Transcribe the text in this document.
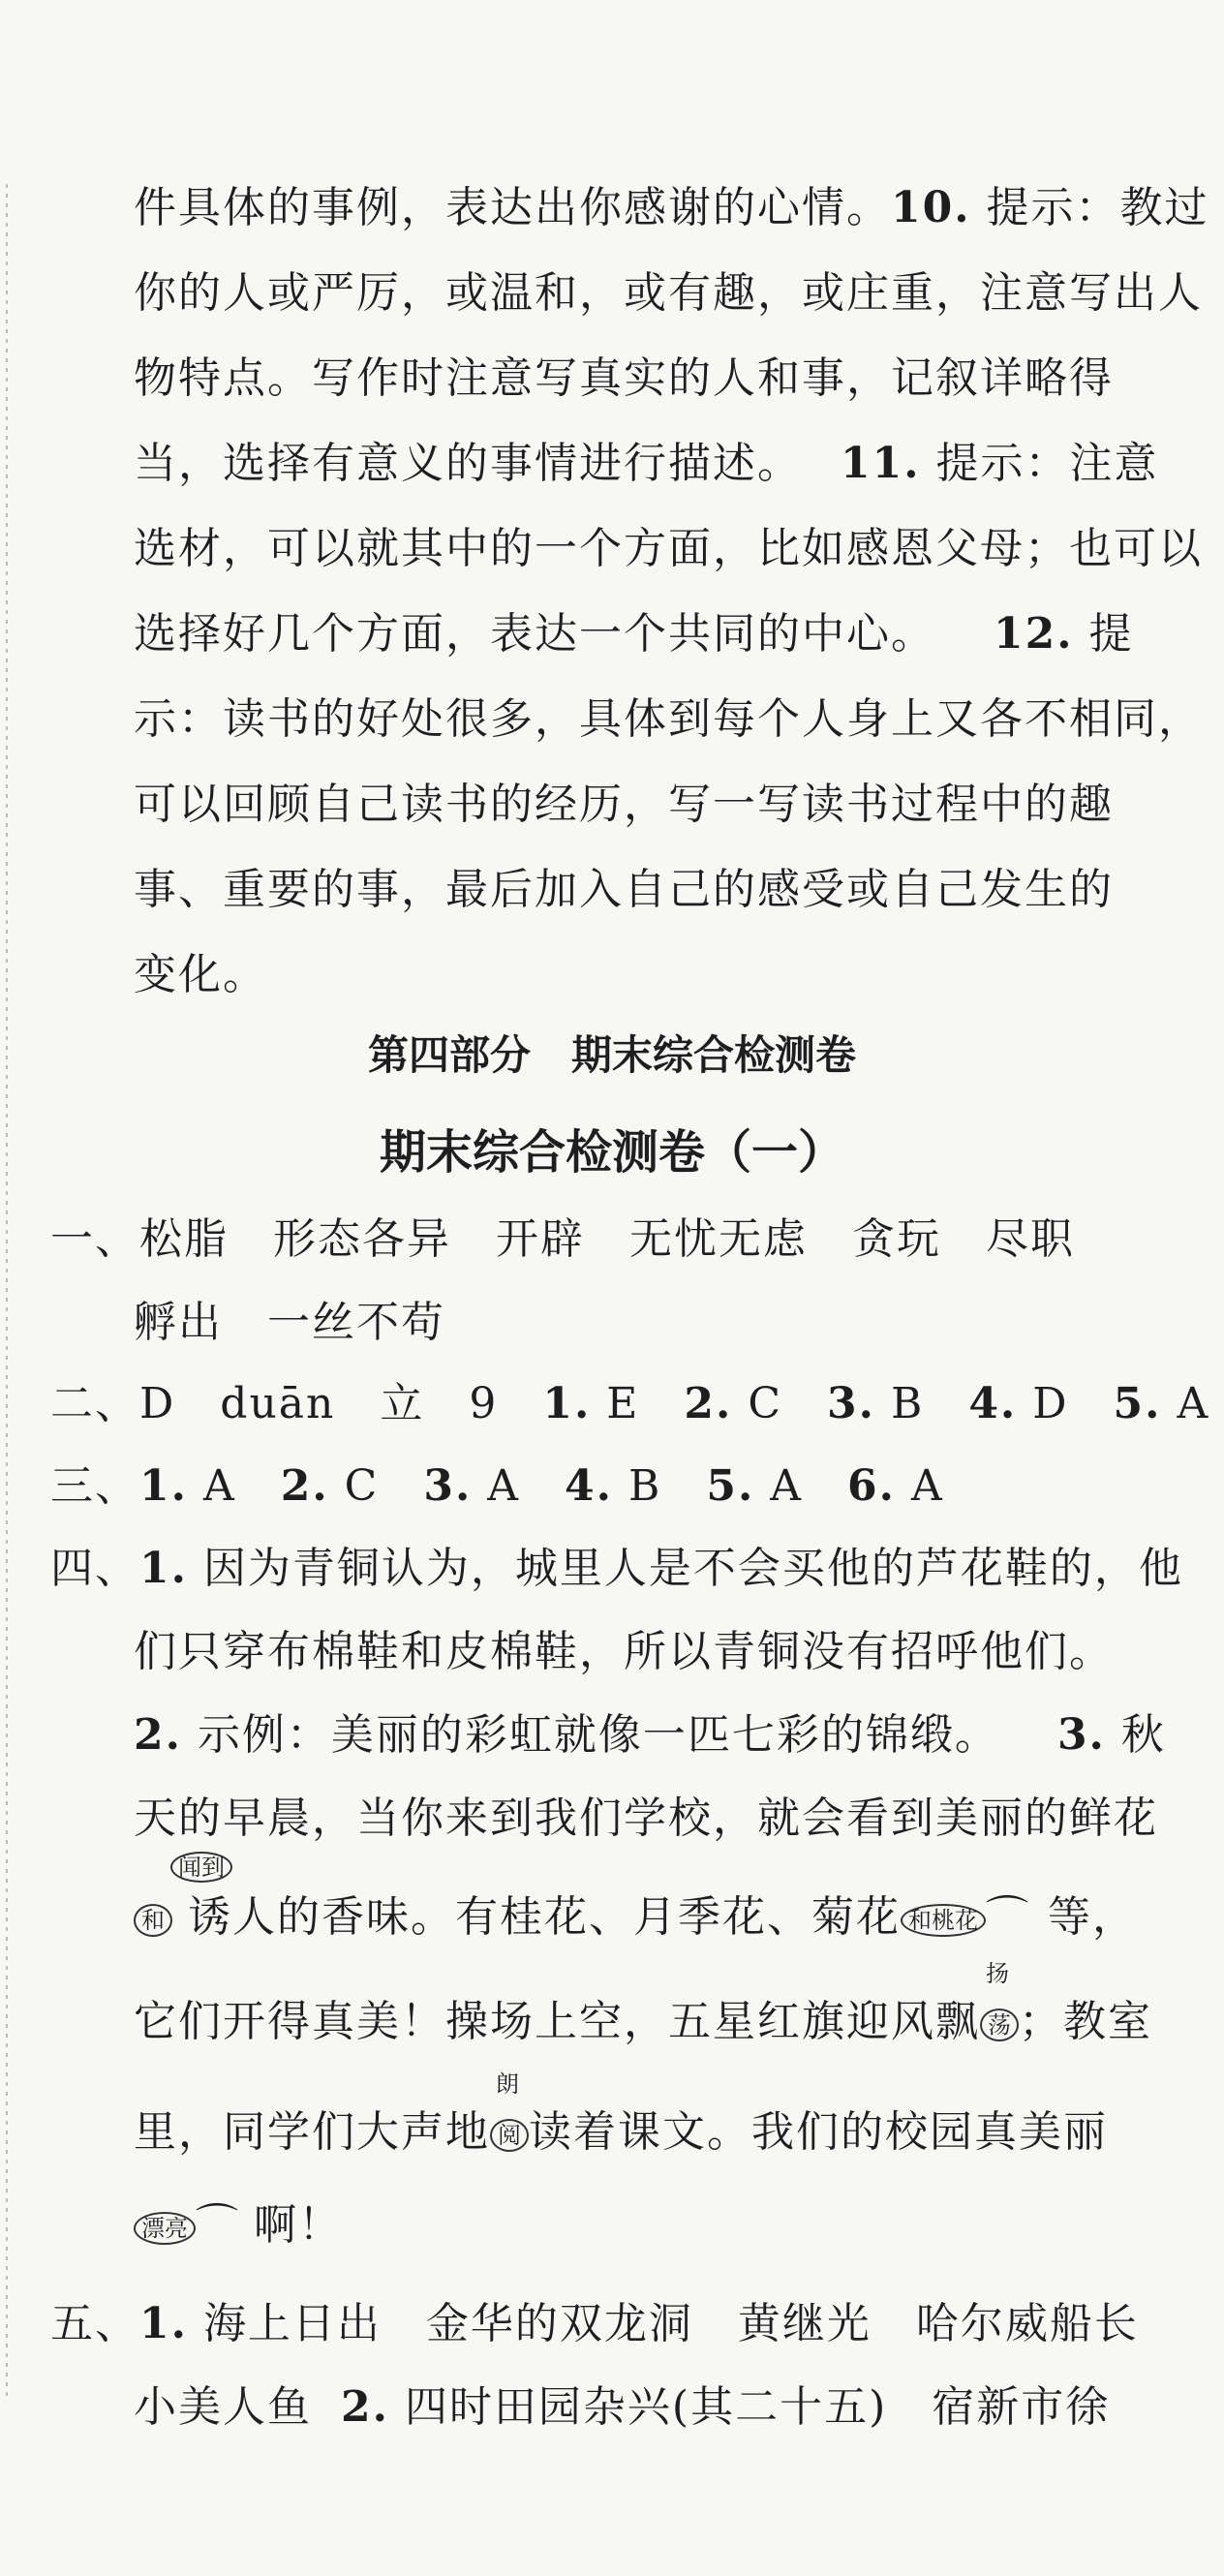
件具体的事例，表达出你感谢的心情。10. 提示：教过
你的人或严厉，或温和，或有趣，或庄重，注意写出人
物特点。写作时注意写真实的人和事，记叙详略得
当，选择有意义的事情进行描述。 11. 提示：注意
选材，可以就其中的一个方面，比如感恩父母；也可以
选择好几个方面，表达一个共同的中心。 12. 提
示：读书的好处很多，具体到每个人身上又各不相同，
可以回顾自己读书的经历，写一写读书过程中的趣
事、重要的事，最后加入自己的感受或自己发生的
变化。
第四部分　期末综合检测卷
期末综合检测卷（一）
一、松脂　形态各异　开辟　无忧无虑　贪玩　尽职
孵出　一丝不苟
二、D　duān　立　9 1. E 2. C 3. B 4. D 5. A
三、1. A 2. C 3. A 4. B 5. A 6. A
四、1. 因为青铜认为，城里人是不会买他的芦花鞋的，他
们只穿布棉鞋和皮棉鞋，所以青铜没有招呼他们。
2. 示例：美丽的彩虹就像一匹七彩的锦缎。 3. 秋
天的早晨，当你来到我们学校，就会看到美丽的鲜花
和
闻到
诱人的香味。有桂花、月季花、菊花 和桃花 ⌒ 等，
它们开得真美！操场上空，五星红旗迎风飘 荡
扬
；教室
里，同学们大声地 阅
朗
读着课文。我们的校园真美丽
漂亮 ⌒ 啊！
五、1. 海上日出　金华的双龙洞　黄继光　哈尔威船长
小美人鱼 2. 四时田园杂兴(其二十五)　宿新市徐
